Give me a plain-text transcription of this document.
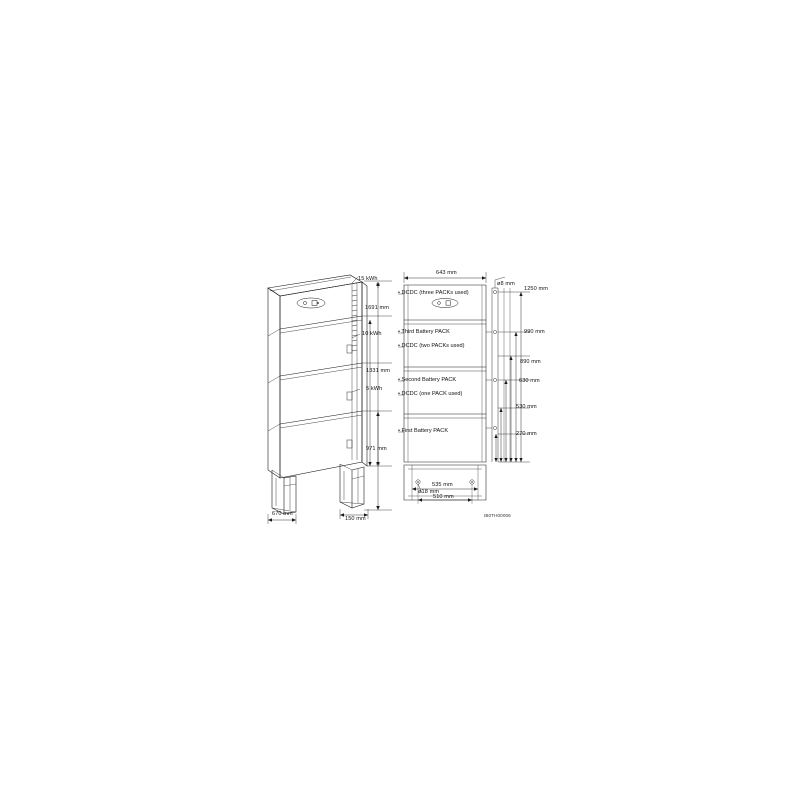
15 kWh
10 kWh
5 kWh
1691 mm
1331 mm
971 mm
670 mm
150 mm
643 mm
ø8 mm
1250 mm
990 mm
890 mm
630 mm
530 mm
270 mm
535 mm
510 mm
ø18 mm
• DCDC (three PACKs used)
• Third Battery PACK
• DCDC (two PACKs used)
• Second Battery PACK
• DCDC (one PACK used)
• First Battery PACK
IB0TH00006
